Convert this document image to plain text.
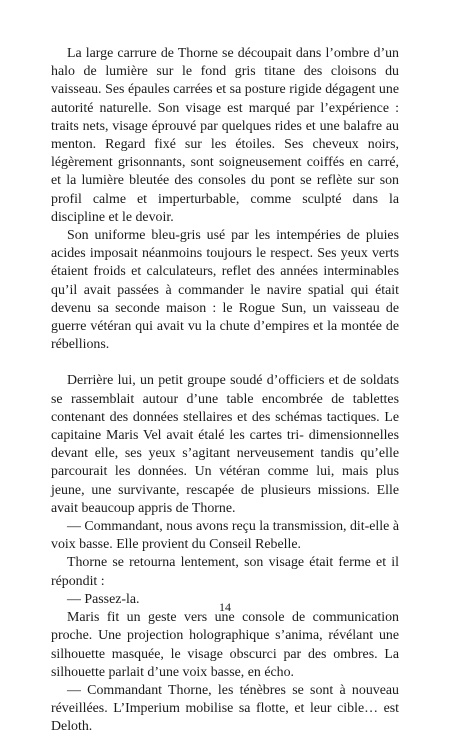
La large carrure de Thorne se découpait dans l’ombre d’un halo de lumière sur le fond gris titane des cloisons du vaisseau. Ses épaules carrées et sa posture rigide dégagent une autorité naturelle. Son visage est marqué par l’expérience : traits nets, visage éprouvé par quelques rides et une balafre au menton. Regard fixé sur les étoiles. Ses cheveux noirs, légèrement grisonnants, sont soigneusement coiffés en carré, et la lumière bleutée des consoles du pont se reflète sur son profil calme et imperturbable, comme sculpté dans la discipline et le devoir.

Son uniforme bleu-gris usé par les intempéries de pluies acides imposait néanmoins toujours le respect. Ses yeux verts étaient froids et calculateurs, reflet des années interminables qu’il avait passées à commander le navire spatial qui était devenu sa seconde maison : le Rogue Sun, un vaisseau de guerre vétéran qui avait vu la chute d’empires et la montée de rébellions.

Derrière lui, un petit groupe soudé d’officiers et de soldats se rassemblait autour d’une table encombrée de tablettes contenant des données stellaires et des schémas tactiques. Le capitaine Maris Vel avait étalé les cartes tri- dimensionnelles devant elle, ses yeux s’agitant nerveusement tandis qu’elle parcourait les données. Un vétéran comme lui, mais plus jeune, une survivante, rescapée de plusieurs missions. Elle avait beaucoup appris de Thorne.

— Commandant, nous avons reçu la transmission, dit-elle à voix basse. Elle provient du Conseil Rebelle.

Thorne se retourna lentement, son visage était ferme et il répondit :

— Passez-la.

Maris fit un geste vers une console de communication proche. Une projection holographique s’anima, révélant une silhouette masquée, le visage obscurci par des ombres. La silhouette parlait d’une voix basse, en écho.

— Commandant Thorne, les ténèbres se sont à nouveau réveillées. L’Imperium mobilise sa flotte, et leur cible… est Deloth.

14
